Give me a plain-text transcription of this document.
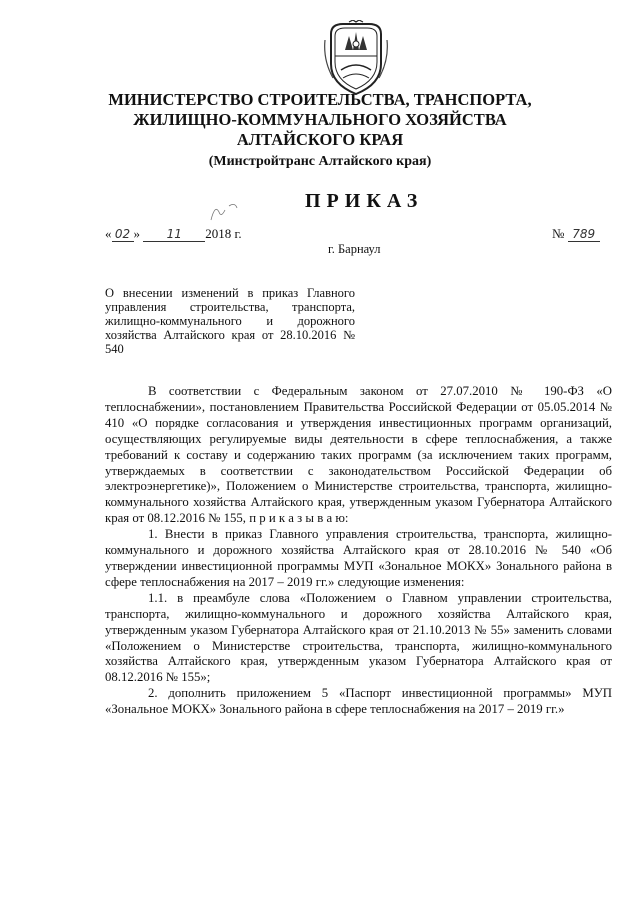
МИНИСТЕРСТВО СТРОИТЕЛЬСТВА, ТРАНСПОРТА,
ЖИЛИЩНО-КОММУНАЛЬНОГО ХОЗЯЙСТВА
АЛТАЙСКОГО КРАЯ
(Минстройтранс Алтайского края)
ПРИКАЗ
« 02 » 11 2018 г.	№ 789
г. Барнаул
О внесении изменений в приказ Главного управления строительства, транспорта, жилищно-коммунального и дорожного хозяйства Алтайского края от 28.10.2016 № 540

В соответствии с Федеральным законом от 27.07.2010 № 190-ФЗ «О теплоснабжении», постановлением Правительства Российской Федерации от 05.05.2014 № 410 «О порядке согласования и утверждения инвестиционных программ организаций, осуществляющих регулируемые виды деятельности в сфере теплоснабжения, а также требований к составу и содержанию таких программ (за исключением таких программ, утверждаемых в соответствии с законодательством Российской Федерации об электроэнергетике)», Положением о Министерстве строительства, транспорта, жилищно-коммунального хозяйства Алтайского края, утвержденным указом Губернатора Алтайского края от 08.12.2016 № 155, п р и к а з ы в а ю:

1. Внести в приказ Главного управления строительства, транспорта, жилищно-коммунального и дорожного хозяйства Алтайского края от 28.10.2016 № 540 «Об утверждении инвестиционной программы МУП «Зональное МОКХ» Зонального района в сфере теплоснабжения на 2017 – 2019 гг.» следующие изменения:

1.1. в преамбуле слова «Положением о Главном управлении строительства, транспорта, жилищно-коммунального и дорожного хозяйства Алтайского края, утвержденным указом Губернатора Алтайского края от 21.10.2013 № 55» заменить словами «Положением о Министерстве строительства, транспорта, жилищно-коммунального хозяйства Алтайского края, утвержденным указом Губернатора Алтайского края от 08.12.2016 № 155»;

2. дополнить приложением 5 «Паспорт инвестиционной программы» МУП «Зональное МОКХ» Зонального района в сфере теплоснабжения на 2017 – 2019 гг.»
